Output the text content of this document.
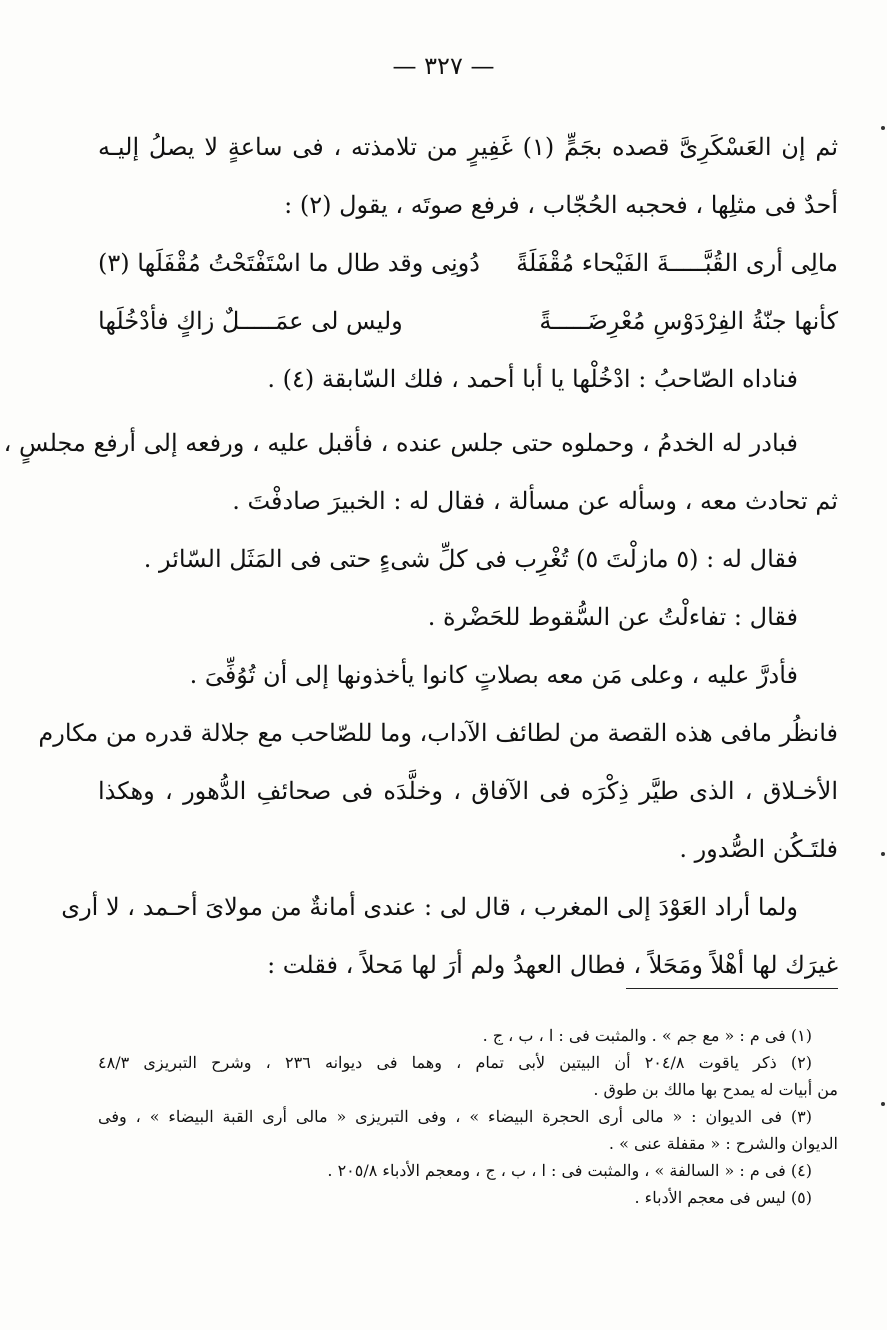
— ٣٢٧ —
ثم إن العَسْكَرِىَّ قصده بجَمٍّ (١) غَفِيرٍ من تلامذته ، فى ساعةٍ لا يصلُ إليـه
أحدٌ فى مثلِها ، فحجبه الحُجّاب ، فرفع صوتَه ، يقول (٢) :
مالِى أرى القُبَّـــــةَ الفَيْحاء مُقْفَلَةً
دُونِى وقد طال ما اسْتَفْتَحْتُ مُقْفَلَها (٣)
كأنها جنّةُ الفِرْدَوْسِ مُعْرِضَـــــةً
وليس لى عمَـــــلٌ زاكٍ فأدْخُلَها
فناداه الصّاحبُ : ادْخُلْها يا أبا أحمد ، فلك السّابقة (٤) .
فبادر له الخدمُ ، وحملوه حتى جلس عنده ، فأقبل عليه ، ورفعه إلى أرفع مجلسٍ ،
ثم تحادث معه ، وسأله عن مسألة ، فقال له : الخبيرَ صادفْتَ .
فقال له : (٥ مازلْتَ ٥) تُغْرِب فى كلِّ شىءٍ حتى فى المَثَل السّائر .
فقال : تفاءلْتُ عن السُّقوط للحَضْرة .
فأدرَّ عليه ، وعلى مَن معه بصلاتٍ كانوا يأخذونها إلى أن تُوُفِّىَ .
فانظُر مافى هذه القصة من لطائف الآداب، وما للصّاحب مع جلالة قدره من مكارم
الأخـلاق ، الذى طيَّر ذِكْرَه فى الآفاق ، وخلَّدَه فى صحائفِ الدُّهور ، وهكذا
فلتَـكُن الصُّدور .
ولما أراد العَوْدَ إلى المغرب ، قال لى : عندى أمانةٌ من مولاىَ أحـمد ، لا أرى
غيرَك لها أهْلاً ومَحَلاً ، فطال العهدُ ولم أرَ لها مَحلاً ، فقلت :
(١) فى م : « مع جم » . والمثبت فى : ا ، ب ، ج .
(٢) ذكر ياقوت ٢٠٤/٨ أن البيتين لأبى تمام ، وهما فى ديوانه ٢٣٦ ، وشرح التبريزى ٤٨/٣
من أبيات له يمدح بها مالك بن طوق .
(٣) فى الديوان : « مالى أرى الحجرة البيضاء » ، وفى التبريزى « مالى أرى القبة البيضاء » ، وفى
الديوان والشرح : « مقفلة عنى » .
(٤) فى م : « السالفة » ، والمثبت فى : ا ، ب ، ج ، ومعجم الأدباء ٢٠٥/٨ .
(٥) ليس فى معجم الأدباء .
